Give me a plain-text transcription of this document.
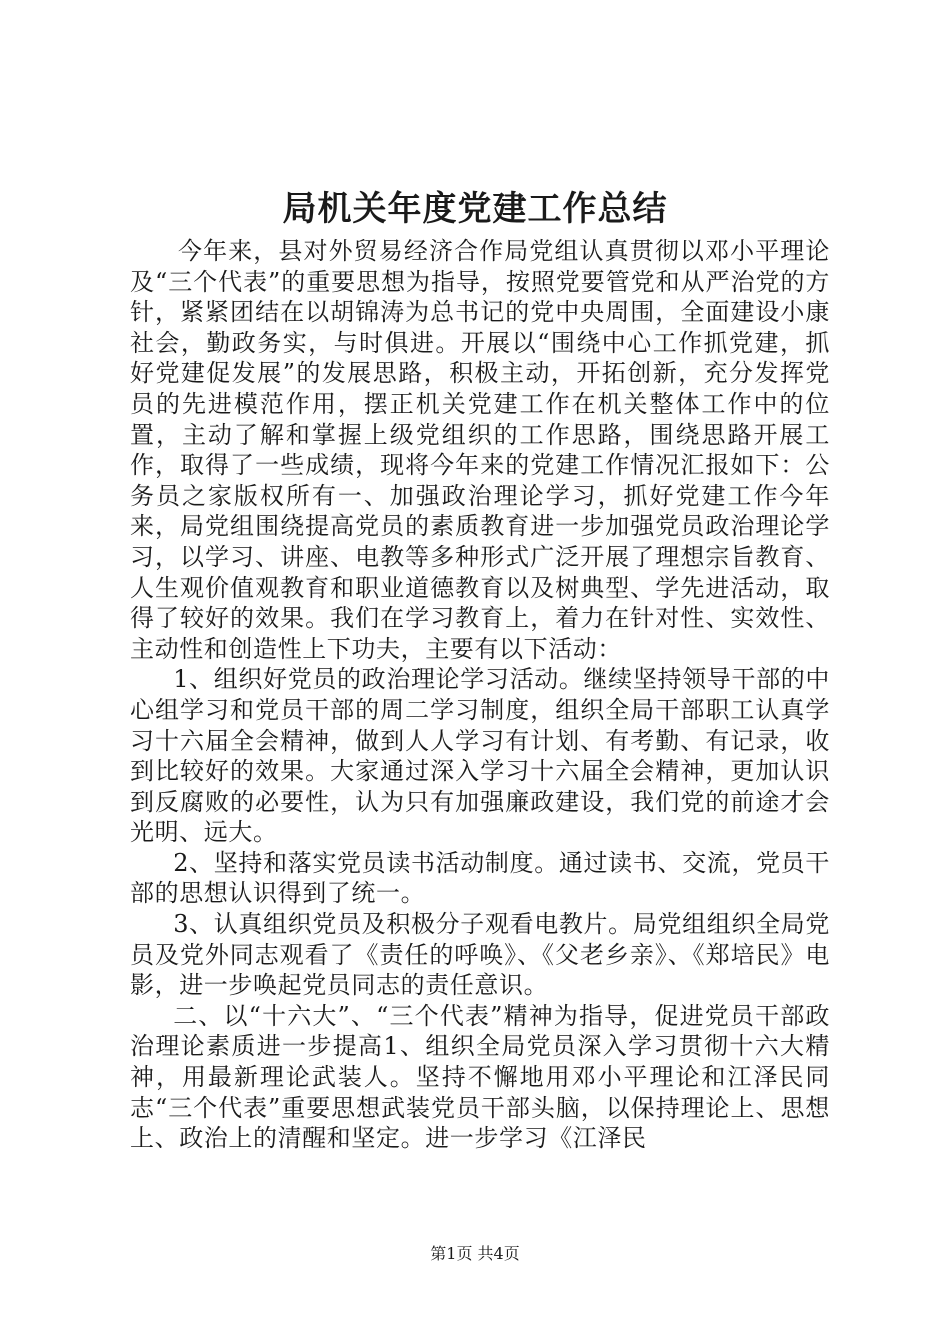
局机关年度党建工作总结

今年来，县对外贸易经济合作局党组认真贯彻以邓小平理论及“三个代表”的重要思想为指导，按照党要管党和从严治党的方针，紧紧团结在以胡锦涛为总书记的党中央周围，全面建设小康社会，勤政务实，与时俱进。开展以“围绕中心工作抓党建，抓好党建促发展”的发展思路，积极主动，开拓创新，充分发挥党员的先进模范作用，摆正机关党建工作在机关整体工作中的位置，主动了解和掌握上级党组织的工作思路，围绕思路开展工作，取得了一些成绩，现将今年来的党建工作情况汇报如下：公务员之家版权所有一、加强政治理论学习，抓好党建工作今年来，局党组围绕提高党员的素质教育进一步加强党员政治理论学习，以学习、讲座、电教等多种形式广泛开展了理想宗旨教育、人生观价值观教育和职业道德教育以及树典型、学先进活动，取得了较好的效果。我们在学习教育上，着力在针对性、实效性、主动性和创造性上下功夫，主要有以下活动：

1、组织好党员的政治理论学习活动。继续坚持领导干部的中心组学习和党员干部的周二学习制度，组织全局干部职工认真学习十六届全会精神，做到人人学习有计划、有考勤、有记录，收到比较好的效果。大家通过深入学习十六届全会精神，更加认识到反腐败的必要性，认为只有加强廉政建设，我们党的前途才会光明、远大。

2、坚持和落实党员读书活动制度。通过读书、交流，党员干部的思想认识得到了统一。

3、认真组织党员及积极分子观看电教片。局党组组织全局党员及党外同志观看了《责任的呼唤》、《父老乡亲》、《郑培民》电影，进一步唤起党员同志的责任意识。

二、以“十六大”、“三个代表”精神为指导，促进党员干部政治理论素质进一步提高1、组织全局党员深入学习贯彻十六大精神，用最新理论武装人。坚持不懈地用邓小平理论和江泽民同志“三个代表”重要思想武装党员干部头脑，以保持理论上、思想上、政治上的清醒和坚定。进一步学习《江泽民

第1页 共4页
